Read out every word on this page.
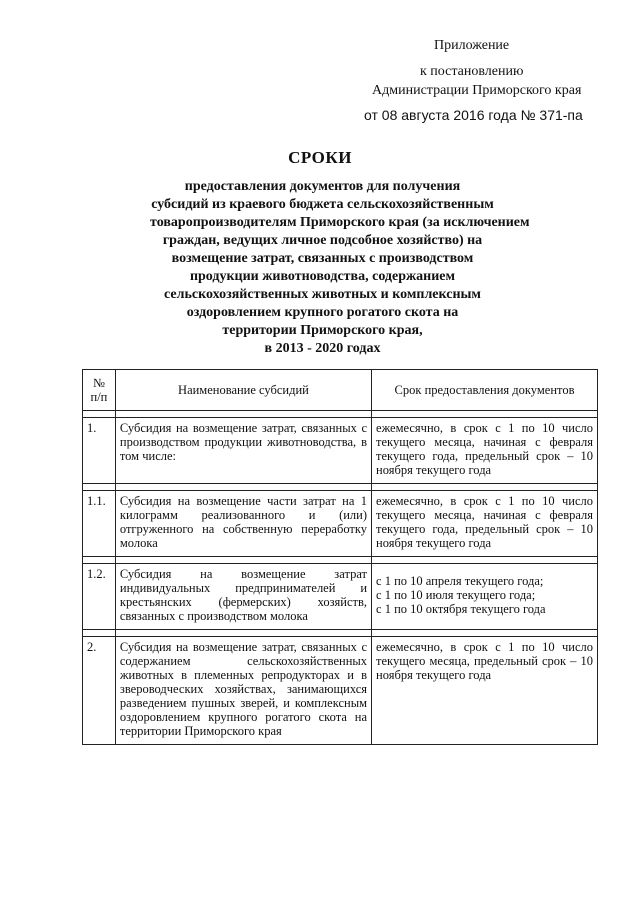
Приложение
к постановлению
Администрации Приморского края
от 08 августа 2016 года № 371-па
СРОКИ
предоставления документов для получения
субсидий из краевого бюджета сельскохозяйственным
товаропроизводителям Приморского края (за исключением
граждан, ведущих личное подсобное хозяйство) на
возмещение затрат, связанных с производством
продукции животноводства, содержанием
сельскохозяйственных животных и комплексным
оздоровлением крупного рогатого скота на
территории Приморского края,
в 2013 - 2020 годах
№ п/п	Наименование субсидий	Срок предоставления документов

1.	Субсидия на возмещение затрат, связанных с производством продукции животноводства, в том числе:	ежемесячно, в срок с 1 по 10 число текущего месяца, начиная с февраля текущего года, предельный срок – 10 ноября текущего года

1.1.	Субсидия на возмещение части затрат на 1 килограмм реализованного и (или) отгруженного на собственную переработку молока	ежемесячно, в срок с 1 по 10 число текущего месяца, начиная с февраля текущего года, предельный срок – 10 ноября текущего года

1.2.	Субсидия на возмещение затрат индивидуальных предпринимателей и крестьянских (фермерских) хозяйств, связанных с производством молока	с 1 по 10 апреля текущего года;
с 1 по 10 июля текущего года;
с 1 по 10 октября текущего года

2.	Субсидия на возмещение затрат, связанных с содержанием сельскохозяйственных животных в племенных репродукторах и в звероводческих хозяйствах, занимающихся разведением пушных зверей, и комплексным оздоровлением крупного рогатого скота на территории Приморского края	ежемесячно, в срок с 1 по 10 число текущего месяца, предельный срок – 10 ноября текущего года
